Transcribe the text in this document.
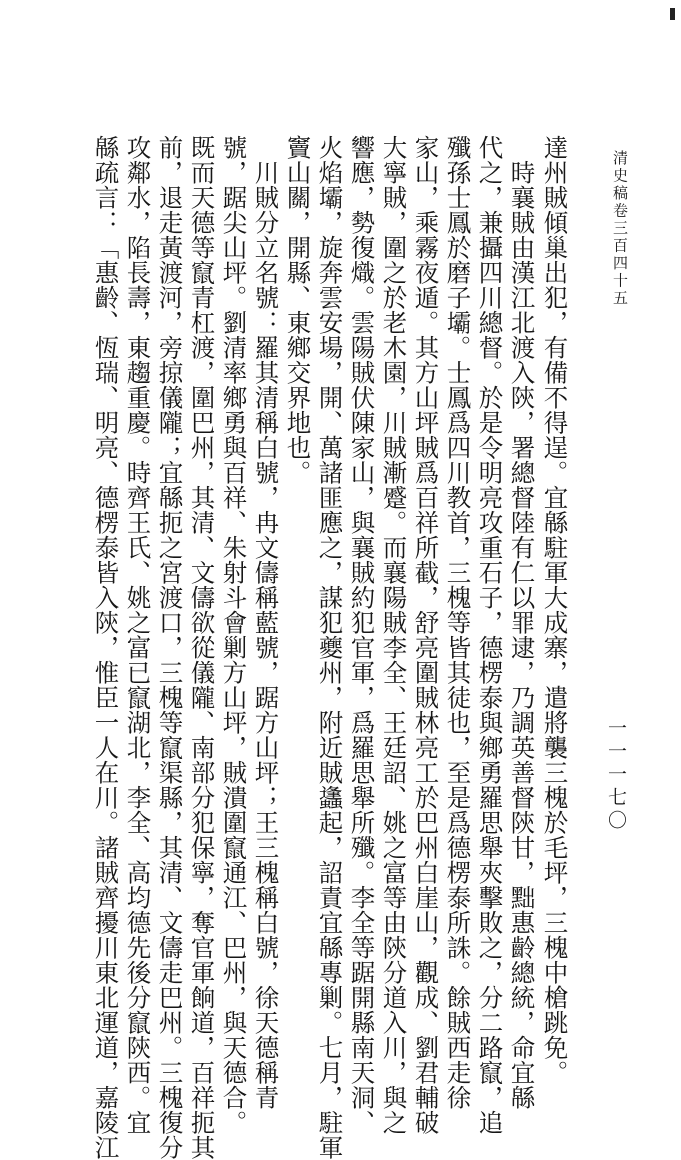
清史稿卷三百四十五
一一一七〇
達州賊傾巢出犯，有備不得逞。宜緜駐軍大成寨，遣將襲三槐於毛坪，三槐中槍跳免。
時襄賊由漢江北渡入陝，署總督陸有仁以罪逮，乃調英善督陝甘，黜惠齡總統，命宜緜
代之，兼攝四川總督。於是令明亮攻重石子，德楞泰與鄉勇羅思舉夾擊敗之，分二路竄，追
殲孫士鳳於磨子壩。士鳳爲四川教首，三槐等皆其徒也，至是爲德楞泰所誅。餘賊西走徐
家山，乘霧夜遁。其方山坪賊爲百祥所截，舒亮圍賊林亮工於巴州白崖山，觀成、劉君輔破
大寧賊，圍之於老木園，川賊漸蹙。而襄陽賊李全、王廷詔、姚之富等由陝分道入川，與之
響應，勢復熾。雲陽賊伏陳家山，與襄賊約犯官軍，爲羅思舉所殲。李全等踞開縣南天洞、
火焰壩，旋奔雲安場，開、萬諸匪應之，謀犯夔州，附近賊蠭起，詔責宜緜專剿。七月，駐軍
竇山關，開縣、東鄉交界地也。
川賊分立名號：羅其清稱白號，冉文儔稱藍號，踞方山坪；王三槐稱白號，徐天德稱青
號，踞尖山坪。劉清率鄉勇與百祥、朱射斗會剿方山坪，賊潰圍竄通江、巴州，與天德合。
既而天德等竄青杠渡，圍巴州，其清、文儔欲從儀隴、南部分犯保寧，奪官軍餉道，百祥扼其
前，退走黃渡河，旁掠儀隴；宜緜扼之宮渡口，三槐等竄渠縣，其清、文儔走巴州。三槐復分
攻鄰水，陷長壽，東趨重慶。時齊王氏、姚之富已竄湖北，李全、高均德先後分竄陝西。宜
緜疏言：「惠齡、恆瑞、明亮、德楞泰皆入陝，惟臣一人在川。諸賊齊擾川東北運道，嘉陵江
